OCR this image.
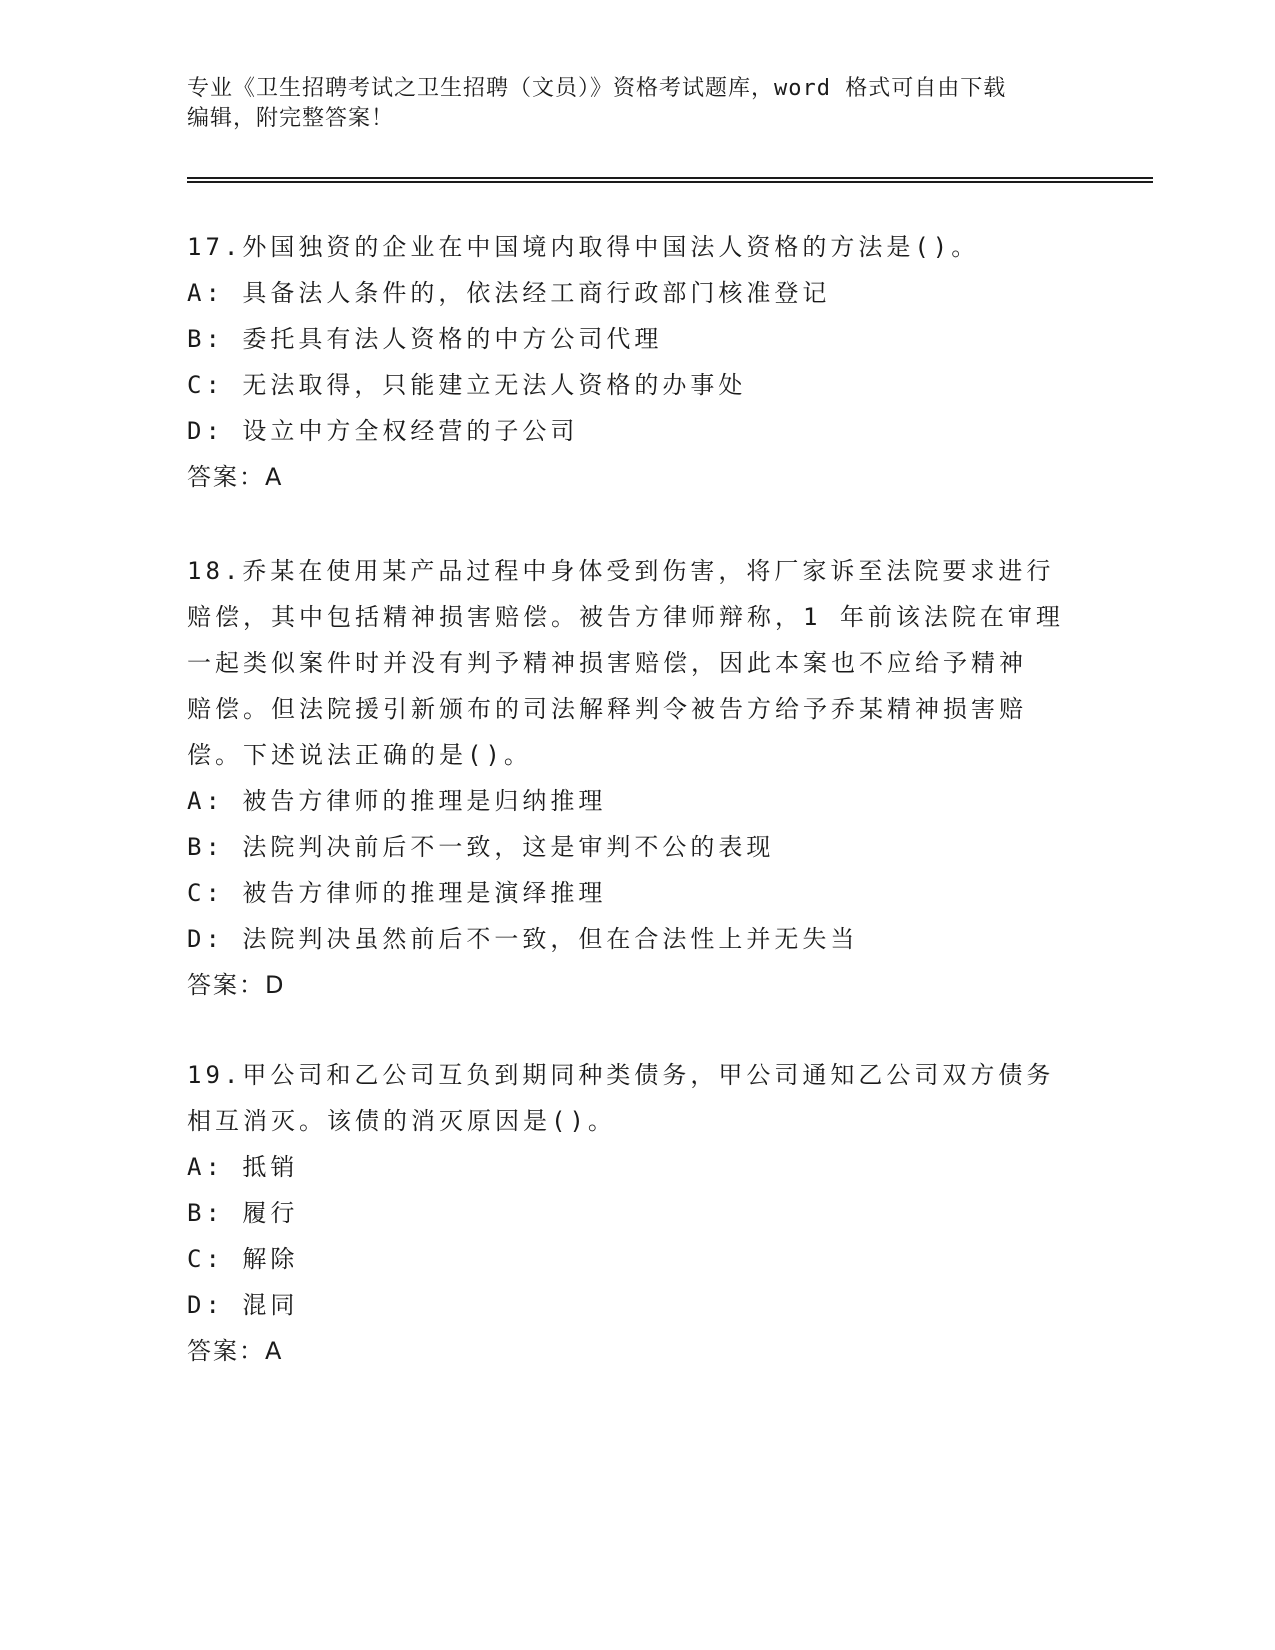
专业《卫生招聘考试之卫生招聘（文员）》资格考试题库，word 格式可自由下载
编辑，附完整答案！
17.外国独资的企业在中国境内取得中国法人资格的方法是()。
A: 具备法人条件的，依法经工商行政部门核准登记
B: 委托具有法人资格的中方公司代理
C: 无法取得，只能建立无法人资格的办事处
D: 设立中方全权经营的子公司
答案：A
18.乔某在使用某产品过程中身体受到伤害，将厂家诉至法院要求进行
赔偿，其中包括精神损害赔偿。被告方律师辩称，1 年前该法院在审理
一起类似案件时并没有判予精神损害赔偿，因此本案也不应给予精神
赔偿。但法院援引新颁布的司法解释判令被告方给予乔某精神损害赔
偿。下述说法正确的是()。
A: 被告方律师的推理是归纳推理
B: 法院判决前后不一致，这是审判不公的表现
C: 被告方律师的推理是演绎推理
D: 法院判决虽然前后不一致，但在合法性上并无失当
答案：D
19.甲公司和乙公司互负到期同种类债务，甲公司通知乙公司双方债务
相互消灭。该债的消灭原因是()。
A: 抵销
B: 履行
C: 解除
D: 混同
答案：A
